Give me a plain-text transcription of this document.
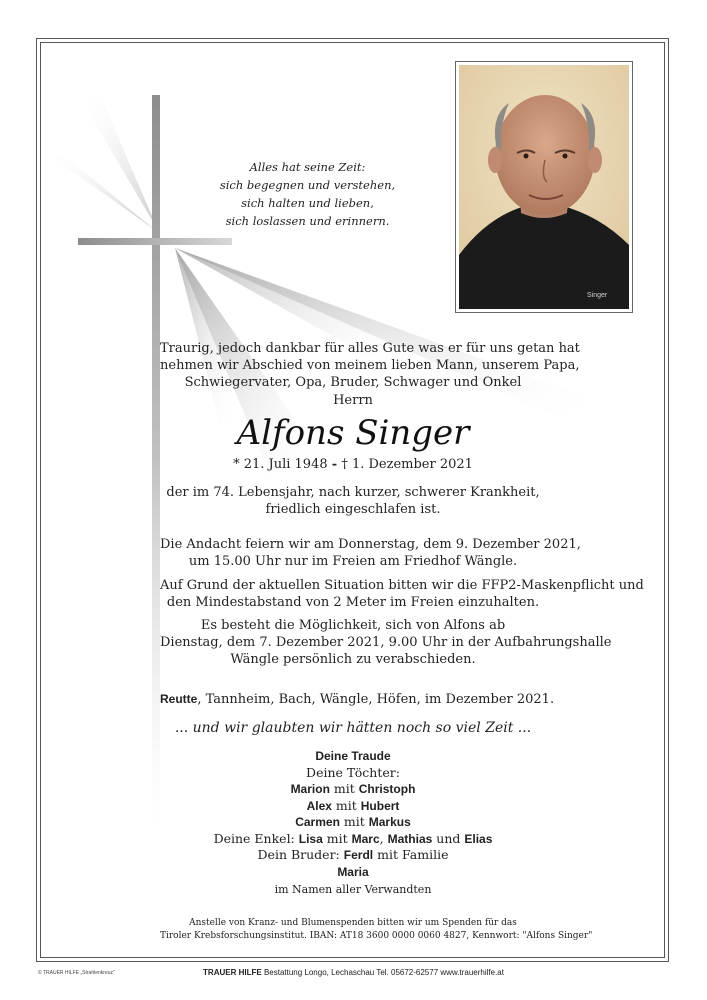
Alles hat seine Zeit:
sich begegnen und verstehen,
sich halten und lieben,
sich loslassen und erinnern.
Singer
Traurig, jedoch dankbar für alles Gute was er für uns getan hat
nehmen wir Abschied von meinem lieben Mann, unserem Papa,
Schwiegervater, Opa, Bruder, Schwager und Onkel
Herrn
Alfons Singer
* 21. Juli 1948 - † 1. Dezember 2021
der im 74. Lebensjahr, nach kurzer, schwerer Krankheit,
friedlich eingeschlafen ist.
Die Andacht feiern wir am Donnerstag, dem 9. Dezember 2021,
um 15.00 Uhr nur im Freien am Friedhof Wängle.
Auf Grund der aktuellen Situation bitten wir die FFP2-Maskenpflicht und
den Mindestabstand von 2 Meter im Freien einzuhalten.
Es besteht die Möglichkeit, sich von Alfons ab
Dienstag, dem 7. Dezember 2021, 9.00 Uhr in der Aufbahrungshalle
Wängle persönlich zu verabschieden.
Reutte, Tannheim, Bach, Wängle, Höfen, im Dezember 2021.
... und wir glaubten wir hätten noch so viel Zeit ...
Deine Traude
Deine Töchter:
Marion mit Christoph
Alex mit Hubert
Carmen mit Markus
Deine Enkel: Lisa mit Marc, Mathias und Elias
Dein Bruder: Ferdl mit Familie
Maria
im Namen aller Verwandten
Anstelle von Kranz- und Blumenspenden bitten wir um Spenden für das
Tiroler Krebsforschungsinstitut. IBAN: AT18 3600 0000 0060 4827, Kennwort: "Alfons Singer"
© TRAUER HILFE „Strahlenkreuz“	TRAUER HILFE Bestattung Longo, Lechaschau Tel. 05672-62577 www.trauerhilfe.at
